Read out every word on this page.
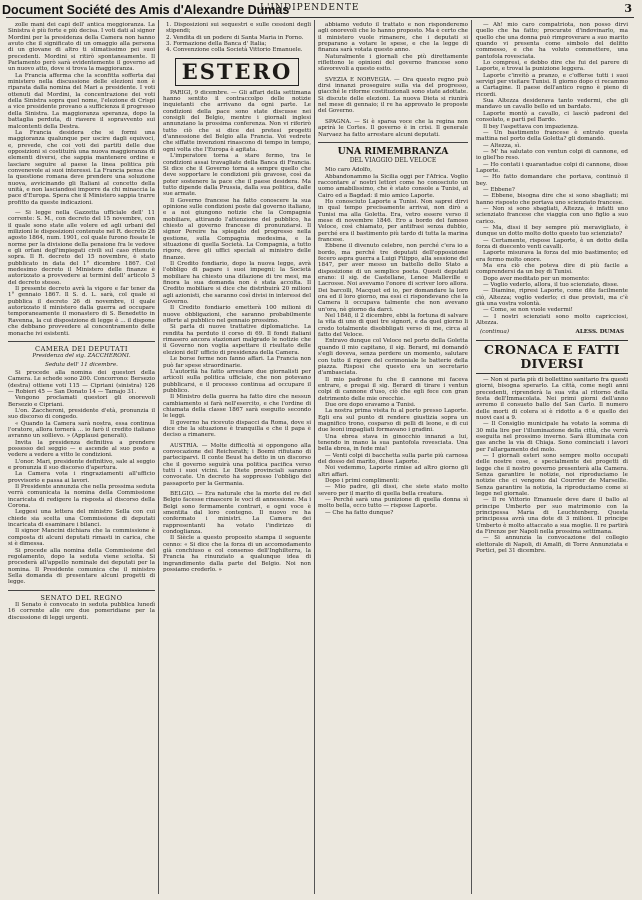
Document Société des Amis d'Alexandre Dumas
L'INDIPENDENTE	3

zolle mani dei capi dell' antica meggioranza. La Sinistra è più forte e più decisa. I voti dati al signor Mordini per la presidenza della Camera non hanno avuto che il significato di un omaggio alla persona di un giovane di altro ti slimatissimo pei suoi precedenti. Mordini si ritirò spontaneamente. Il Parlamento però sarà evidentemente il governo ad un nuovo atto, dove si trova la maggioranza.

La Francia afferma che la sconfitta sofferta dai ministero nella discussione delle elezioni non è riparata dalla nomina del Mari a presidente. I voti ottenuti dal Mordini, la concentrazione dei voti della Sinistra sopra quel nome, l'elezione di Crispi a vice presidente provano a sufficienza il progresso della Sinistra. La maggioranza speranza, dopo la battaglia perduta, di riavere il sopravvento sui malcontenti della Destra.

La Francia desidera che si formi una maggioranza qualunque per uscire dagli equivoci, e, prevede, che coi voti dei partiti delle due opposizioni si costituirà una nuova maggioranza di elementi diversi, che sappia mantenere ordine e lasciare seguire al paese la linea politica più convenevole ai suoi interessi. La Francia pensa che la questione romana deve prendere una soluzione nuova, avvicinando gli Italiani al concetto della unità, e non lasciandosi imporre da chi minaccia la pace d'Europa. Spera che il Ministero sappia trarre profitto da queste indicazioni.

— Si legge nella Gazzetta ufficiale dell' 11 corrente: S. M., con decreto del 15 novembre, con il quale sono state alle volere ed agli urbani del milizioni le disposizioni contenute nel R. decreto 28 agosto 1864, num. 1901, col quale furono fissate le norme per la divisione della pensione fra le vedove e gli orfani degl'impiegati civili sul caso ritenuto sopra. Il R. decreto del 15 novembre, è stato pubblicato in data del 1° dicembre 1867. Col medesimo decreto il Ministero delle finanze è autorizzato a provvedere ai termini dell' articolo 3 del decreto stesso.

Il presente decreto avrà la vigore e far tener da 1° gennaio 1867. Il S. d. L. sarà, col quale si pubblica il decreto 26 di novembre, il quale autorizzato il ministero dalla guerra ad occupare temporaneamente il monastero di S. Benedetto in Ravenna, la cui disposizione di legge è ... il dispone che debbano provvedere al concentramento delle monache ivi esistenti.

CAMERA DEI DEPUTATI
Presidenza del sig. ZACCHERONI.
Seduta dell' 11 dicembre.

Si procede alla nomina dei questori della Camera. Le schede sono 200. Concorrono: Bersezio (destra) ottiene voti 115 — Cipriani (sinistra) 126 — Robieri 45 — San Donato 14 — Tamajo 31.

Vengono proclamati questori gli onorevoli Bersezio e Cipriani.

L'on. Zaccheroni, presidente d'età, pronunzia il suo discorso di congedo.

« Quando la Camera sarà nostra, essa continua l'oratore, allora tornerà ... io farò il credito italiano avranno un sollievo. » (Applausi generali).

Invita la presidenza definitiva a prendere possesso del seggio — e ascende al suo posto a vedere a vedere a vitto le condizioni.

L'onor. Mari, presidente definitivo, sale al seggio e pronunzia il suo discorso d'apertura.

La Camera vota i ringraziamenti all'ufficio provvisorio e passa ai lavori.

Il Presidente annunzia che nella prossima seduta verrà comunicata la nomina della Commissione incaricata di redigere la risposta al discorso della Corona.

Leggesi una lettera del ministro Sella con cui chiede sia scelta una Commissione di deputati incaricata di esaminare i bilanci.

Il signor Mancini dichiara che la commissione è composta di alcuni deputati rimasti in carica, che si è dimessa.

Si procede alla nomina della Commissione del regolamento, dopo la seduta viene sciolta. Si procederà all'appello nominale dei deputati per la nomina. Il Presidente comunica che il ministro Sella domanda di presentare alcuni progetti di legge.

SENATO DEL REGNO

Il Senato è convocato in seduta pubblica lunedì 16 corrente alle ore due pomeridiane per la discussione di leggi urgenti.

1. Disposizioni sui sequestri e sulle cessioni degli stipendi;

2. Vendita di un podere di Santa Maria in Forno.

3. Formazione della Banca d' Italia;

4. Convenzione colla Società Vittorio Emanuele.

ESTERO

PARIGI, 9 dicembre. — Gli affari della settimana hanno sentito il contraccolpo delle notizie inquietanti che arrivano da ogni parte. Le condizioni della pace sono state discusse nei consigli del Belgio, mentre i giornali inglesi annunziano la prossima conferenza. Non vi riferirò tutto ciò che si dice dei pretesi progetti d'annessione del Belgio alla Francia. Voi vedrete che siffatte invenzioni rinascono di tempo in tempo, ogni volta che l'Europa è agitata.

L'imperatore torna a stare fermo, tra le condizioni assai travagliate della Banca di Francia. Si dice che il Governo torna a sempre quello che deve sopportare le condizioni più gravose, così da poter sostenere la pace che il paese desidera. Ma tutto dipende dalla Prussia, dalla sua politica, dalle sue armate.

Il Governo francese ha fatto conoscere la sua opinione sulle condizioni poste dal governo italiano, e a noi giungono notizie che la Compagnia mobiliare, attirando l'attenzione del pubblico, ha chiesto al governo francese di pronunziarsi. Il signor Pereire ha spiegato del progresso nella gestione, sulla Compagnia medesima, e la situazione di quella Società. La Compagnia, a tutto rigore, deve gli uffici speciali al ministro delle finanze.

Il Credito fondiario, dopo la nuova legge, avrà l'obbligo di pagare i suoi impegni; la Società mobiliare ha chiesto una dilazione di tre mesi, ma finora la sua domanda non è stata accolta. Il Credito mobiliare si dice che distribuirà 20 milioni agli azionisti, che saranno così divisi in interessi del Governo.

Il Credito fondiario emetterà 100 milioni di nuove obbligazioni, che saranno probabilmente offerte al pubblico nel gennaio prossimo.

Si parla di nuove trattative diplomatiche. La rendita ha perduto il corso di 69. Il fondi italiani rimasero ancora stazionari malgrado le notizie che il Governo non voglia aspettare il risultato delle elezioni dell' ufficio di presidenza della Camera.

Le borse ferme non fanno affari. La Francia non può far spese straordinarie.

L'autorità ha fatto arrestare due giornalisti per articoli sulla politica ufficiale, che non potevano pubblicarsi, e il processo continua ad occupare il pubblico.

Il Ministro della guerra ha fatto dire che nessun cambiamento si farà nell'esercito, e che l'ordine di chiamata della classe 1867 sarà eseguito secondo le leggi.

Il governo ha ricevuto dispacci da Roma, dove si dice che la situazione è tranquilla e che il papa è deciso a rimanere.

AUSTRIA. — Molte difficoltà si oppongono alla convocazione del Reichsrath; i Boemi rifiutano di parteciparvi. Il conte Beust ha detto in un discorso che il governo seguirà una politica pacifica verso tutti i suoi vicini. Le Diete provinciali saranno convocate. Un decreto ha soppresso l'obbligo del passaporto per la Germania.

BELGIO. — Era naturale che la morte del re del Belgio facesse rinascere le voci di annessione. Ma i Belgi sono fermamente contrari, e ogni voce è smentita dal loro contegno. Il nuovo re ha confermato i ministri. La Camera dei rappresentanti ha votato l'indirizzo di condoglianza.

Il Siècle a questo proposito stampa il seguente cenno: « Si dice che la forza di un accomodamento già conchiuso e col consenso dell'Inghilterra, la Francia ha rinunziato a qualunque idea di ingrandimento dalla parte del Belgio. Noi non possiamo crederlo. »

abbiamo veduto il trattato e non risponderemo agli onorevoli che lo hanno proposto. Ma è certo che il ministero vuole rimanere, che i deputati si preparano a votare le spese, e che la legge di finanza sarà votata questo anno.

Naturalmente i giornali che più direttamente riflettono le opinioni del governo francese sono sfavorevoli a questo esito.

SVEZIA E NORVEGIA. — Ora questo regno può dirsi innanzi proseguire sulla via del progresso, giacché le riforme costituzionali sono state adottate. Si discute delle elezioni. La nuova Dieta si riunirà nel mese di gennaio; il re ha approvato le proposte del Governo.

SPAGNA. — Si è sparsa voce che la regina non aprirà le Cortes. Il governo è in crisi. Il generale Narvaez ha fatto arrestare alcuni deputati.

UNA RIMEMBRANZA
DEL VIAGGIO DEL VELOCE

Mio caro Adolfo,

Abbandonammo la Sicilia oggi per l'Africa. Voglio raccontare a' nostri lettori come ho conosciuto un uomo amabilissimo, che è stato console a Tunisi, al Cairo ed a Bagdad: il mio amico Laporte.

Ho conosciuto Laporte a Tunisi. Non saprei dirvi in qual tempo precisamente arrivai, non dirò a Tunisi ma alla Goletta. Era, vetro essere verso il mese di novembre 1846. Ero a bordo del famoso Veloce, così chiamato, per antifrasi senza dubbio, perché era il bastimento più tardo di tutta la marina francese.

Ebbene il divenuto celebre, non perché c'era io a bordo, ma perché tre deputati dell'opposizione fecero aspra guerra a Luigi Filippo, alla sessione del 1847, per aver messo un battello dello Stato a disposizione di un semplice poeta. Questi deputati erano: il sig. de Castellane, Lenoe Malleville e Lacrosse. Noi avevamo l'onore di scriver loro allora. Dei barcolli, Macquet ed io, per domandare la loro ora ed il loro giorno, ma essi ci rispondevano che la Camera li occupava talmente che non avevano un'ora, nè giorno da darci.

Nel 1848, il 2 dicembre, ebbi la fortuna di salvare la vita di uno di quei tre signori, e da quel giorno li credo totalmente disobbligati verso di me, circa al fatto del Veloce.

Entravo dunque col Veloce nel porto della Goletta quando il mio capitano, il sig. Berard, mi domandò s'egli doveva, senza perdere un momento, salutare con tutto il rigore del cerimoniale le batterie della piazza. Risposi che questo era un secretario d'ambasciata.

Il mio padrone fu che il cannone mi faceva entrare, e pregai il sig. Berard di tirare i ventun colpi di cannone d'uso, ciò che egli fece con gran detrimento delle mie orecchie.

Due ore dopo eravamo a Tunisi.

La nostra prima visita fu al porto presso Laporte. Egli era sul punto di rendere giustizia sopra un magnifico trono, cosparso di pelli di leone, e di cui due leoni impagliati formavano i gradini.

Una ebrea stava in ginocchio innanzi a lui, tenendo in mano la sua pantofola rovesciata. Una bella ebrea, in fede mia!

— Venti colpi di bacchetta sulla parte più carnosa del dosso del marito, disse Laporte.

Noi vedemmo, Laporte rimise ad altro giorno gli altri affari.

Dopo i primi complimenti:

— Mio padre, gli dissi, che siete stato molto severo per il marito di quella bella creatura.

— Perché sarà una punizione di quella donna sì molto bella, ecco tutto — rispose Laporte.

— Che ha fatto dunque?

— Ah! mio caro compatriota, non posso dirvi quello che ha fatto; procurate d'indovinarlo, ma quello che una donna può rimproverare a suo marito quando vi presenta come simbolo del delitto commesso, e che ha voluto commettere, una pantofola rovesciata.

Lo compresi, e debbo dire che fui del parere di Laporte, e trovai la punizione leggera.

Laporte c'invitò a pranzo, e c'offerse tutti i suoi servigi per visitare Tunisi. Il giorno dopo ci recammo a Cartagine. Il paese dell'antico regno è pieno di ricordi.

Sua Altezza desiderava tanto vedermi, che gli mandavo un cavallo bello ed un bardato.

Laporte montò a cavallo, ci lasciò padroni del consolato, e partì pel Bardo.

Il bey l'aspettava con impazienza.

— Un bastimento francese è entrato questa mattina nel porto della Goletta? gli domandò.

— Altezza, sì.

— M' ha salutato con ventun colpi di cannone, ed io gliel'ho reso.

— Ho contati i quarantadue colpi di cannone, disse Laporte.

— Ho fatto domandare che portava, continuò il bey.

— Ebbene?

— Ebbene, bisogna dire che si sono sbagliati; mi hanno risposto che portava uno scienziato francese.

— Non si sono sbagliati, Altezza, è infatti uno scienziato francese che viaggia con uno figlio a suo carico.

— Ma, dissi il bey sempre più meravigliato, è dunque un dotto molto dotto questo tuo scienziato?

— Certamente, rispose Laporte, è un dotto della forza di duecento venti cavalli.

Laporte misurava la forza del mio bastimento; ed era fermo molto onore.

Ma era ciò che poteva dire di più facile a comprendersi da un bey di Tunisi.

Dopo aver meditato per un momento:

— Voglio vederlo, allora, il tuo scienziato, disse.

— Diamine, ripresi Laporte, come dite facilmente ciò, Altezza; voglio vederlo; ci due provisti, ma c'è già una vostra volontà.

— Come, se non vuole vedermi!

— I nostri scienziati sono molto capricciosi, Altezza.

(continua)	ALESS. DUMAS
CRONACA E FATTI DIVERSI

— Non si parla più di bollettino sanitario fra questi giorni, bisogna sperarlo. La città, come negli anni precedenti, riprenderà la sua vita al ritorno della festa dell'Immacolata. Nei primi giorni dell'anno avremo il consueto ballo del San Carlo. Il numero delle morti di colera si è ridotto a 6 e quello dei nuovi casi a 9.

— Il Consiglio municipale ha votato la somma di 30 mila lire per l'illuminazione della città, che verrà eseguita nel prossimo inverno. Sarà illuminata con gas anche la via di Chiaja. Sono cominciati i lavori per l'allargamento del molo.

— I giornali esteri sono sempre molto occupati delle nostre cose, e specialmente dei progetti di legge che il nostro governo presenterà alla Camera. Senza garantire le notizie, noi riproduciamo le notizie che ci vengono dal Courrier de Marseille. Senza garantire la notizia, la riproduciamo come si legge nel giornale.

— Il re Vittorio Emanuele deve dare il ballo al principe Umberto per suo matrimonio con la principessa Maria di Leuchtenberg. Questa principessa avrà una dote di 3 milioni. Il principe Umberto è molto attaccato a sua moglie. Il re partirà da Firenze per Napoli nella prossima settimana.

— Si annunzia la convocazione del collegio elettorale di Napoli, di Amalfi, di Torre Annunziata e Portici, pel 31 dicembre.
